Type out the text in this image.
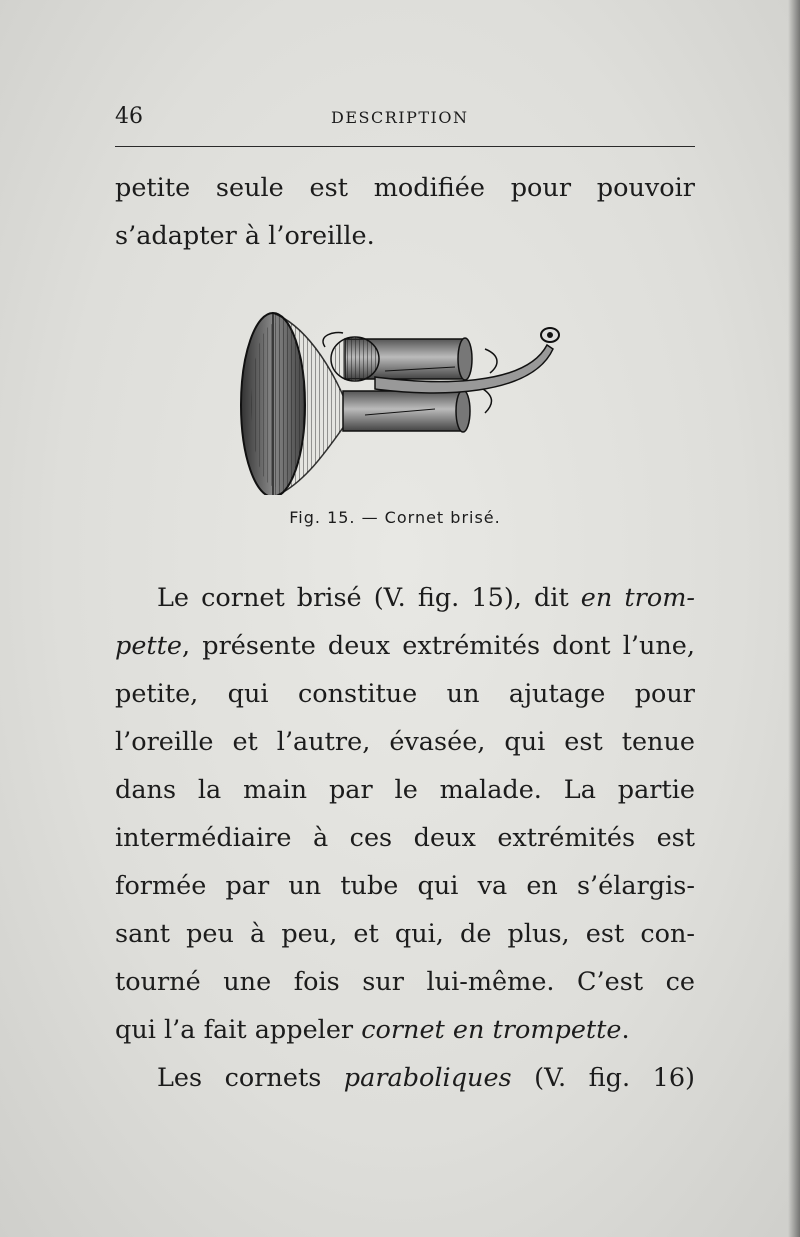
46	DESCRIPTION
petite seule est modifiée pour pouvoir
s’adapter à l’oreille.
Fig. 15. — Cornet brisé.
Le cornet brisé (V. fig. 15), dit en trom-
pette, présente deux extrémités dont l’une,
petite, qui constitue un ajutage pour
l’oreille et l’autre, évasée, qui est tenue
dans la main par le malade. La partie
intermédiaire à ces deux extrémités est
formée par un tube qui va en s’élargis-
sant peu à peu, et qui, de plus, est con-
tourné une fois sur lui-même. C’est ce
qui l’a fait appeler cornet en trompette.
Les cornets paraboliques (V. fig. 16)
